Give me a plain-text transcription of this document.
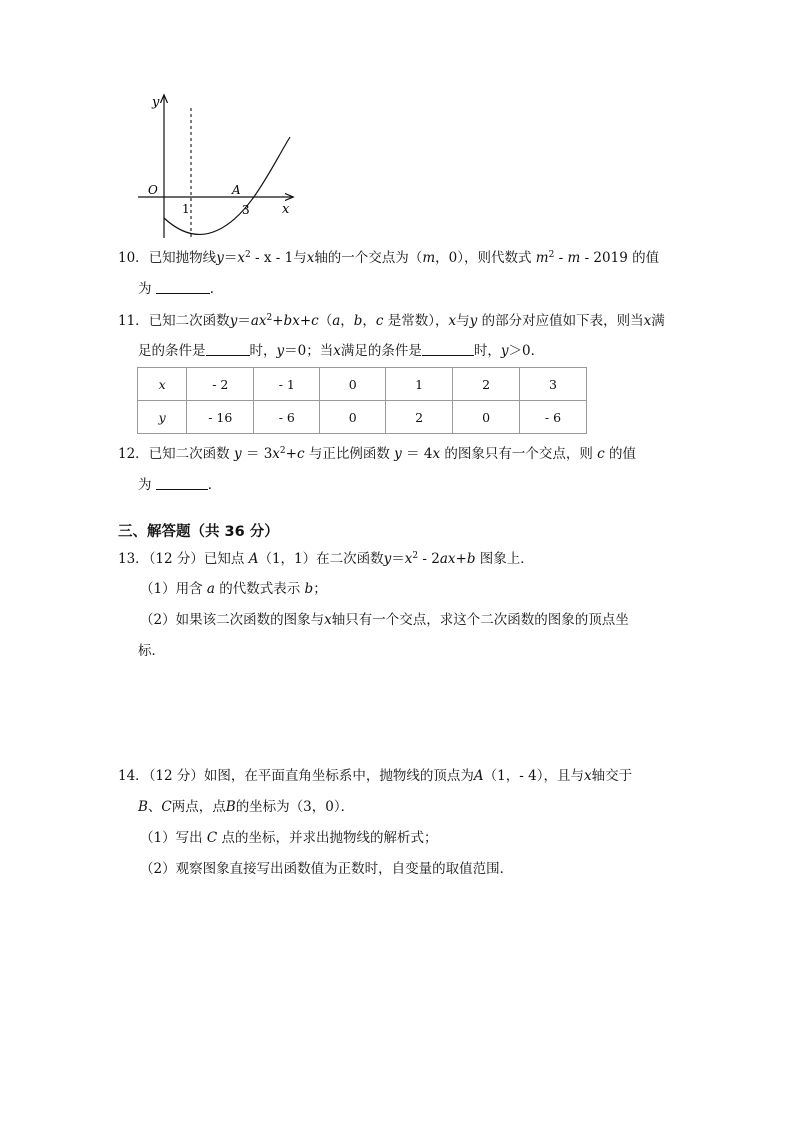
y
x
O
1	3
A
10．已知抛物线$y=x^2 - x - 1$与x轴的一个交点为（m，0），则代数式 $m^2$ - m - 2019 的值
为	．
11．已知二次函数$y=ax^2+bx+c(a$，b，c 是常数），x与y 的部分对应值如下表，则当x满
足的条件是	时，y＝0；当x满足的条件是	时，y＞0．
x	- 2	- 1	0	1	2	3
y	- 16	- 6	0	2	0	- 6
12．已知二次函数 $y = 3x^2+c$ 与正比例函数 y ＝ 4x 的图象只有一个交点，则 c 的值
为	．
三、解答题（共 36 分）
13．（12 分）已知点 A（1，1）在二次函数$y=x^2 - 2ax+b$ 图象上．
（1）用含 a 的代数式表示 b；
（2）如果该二次函数的图象与x轴只有一个交点，求这个二次函数的图象的顶点坐
标．
14．（12 分）如图，在平面直角坐标系中，抛物线的顶点为A（1，- 4），且与x轴交于
B、C两点，点B的坐标为（3，0）．
（1）写出 C 点的坐标，并求出抛物线的解析式；
（2）观察图象直接写出函数值为正数时，自变量的取值范围．
